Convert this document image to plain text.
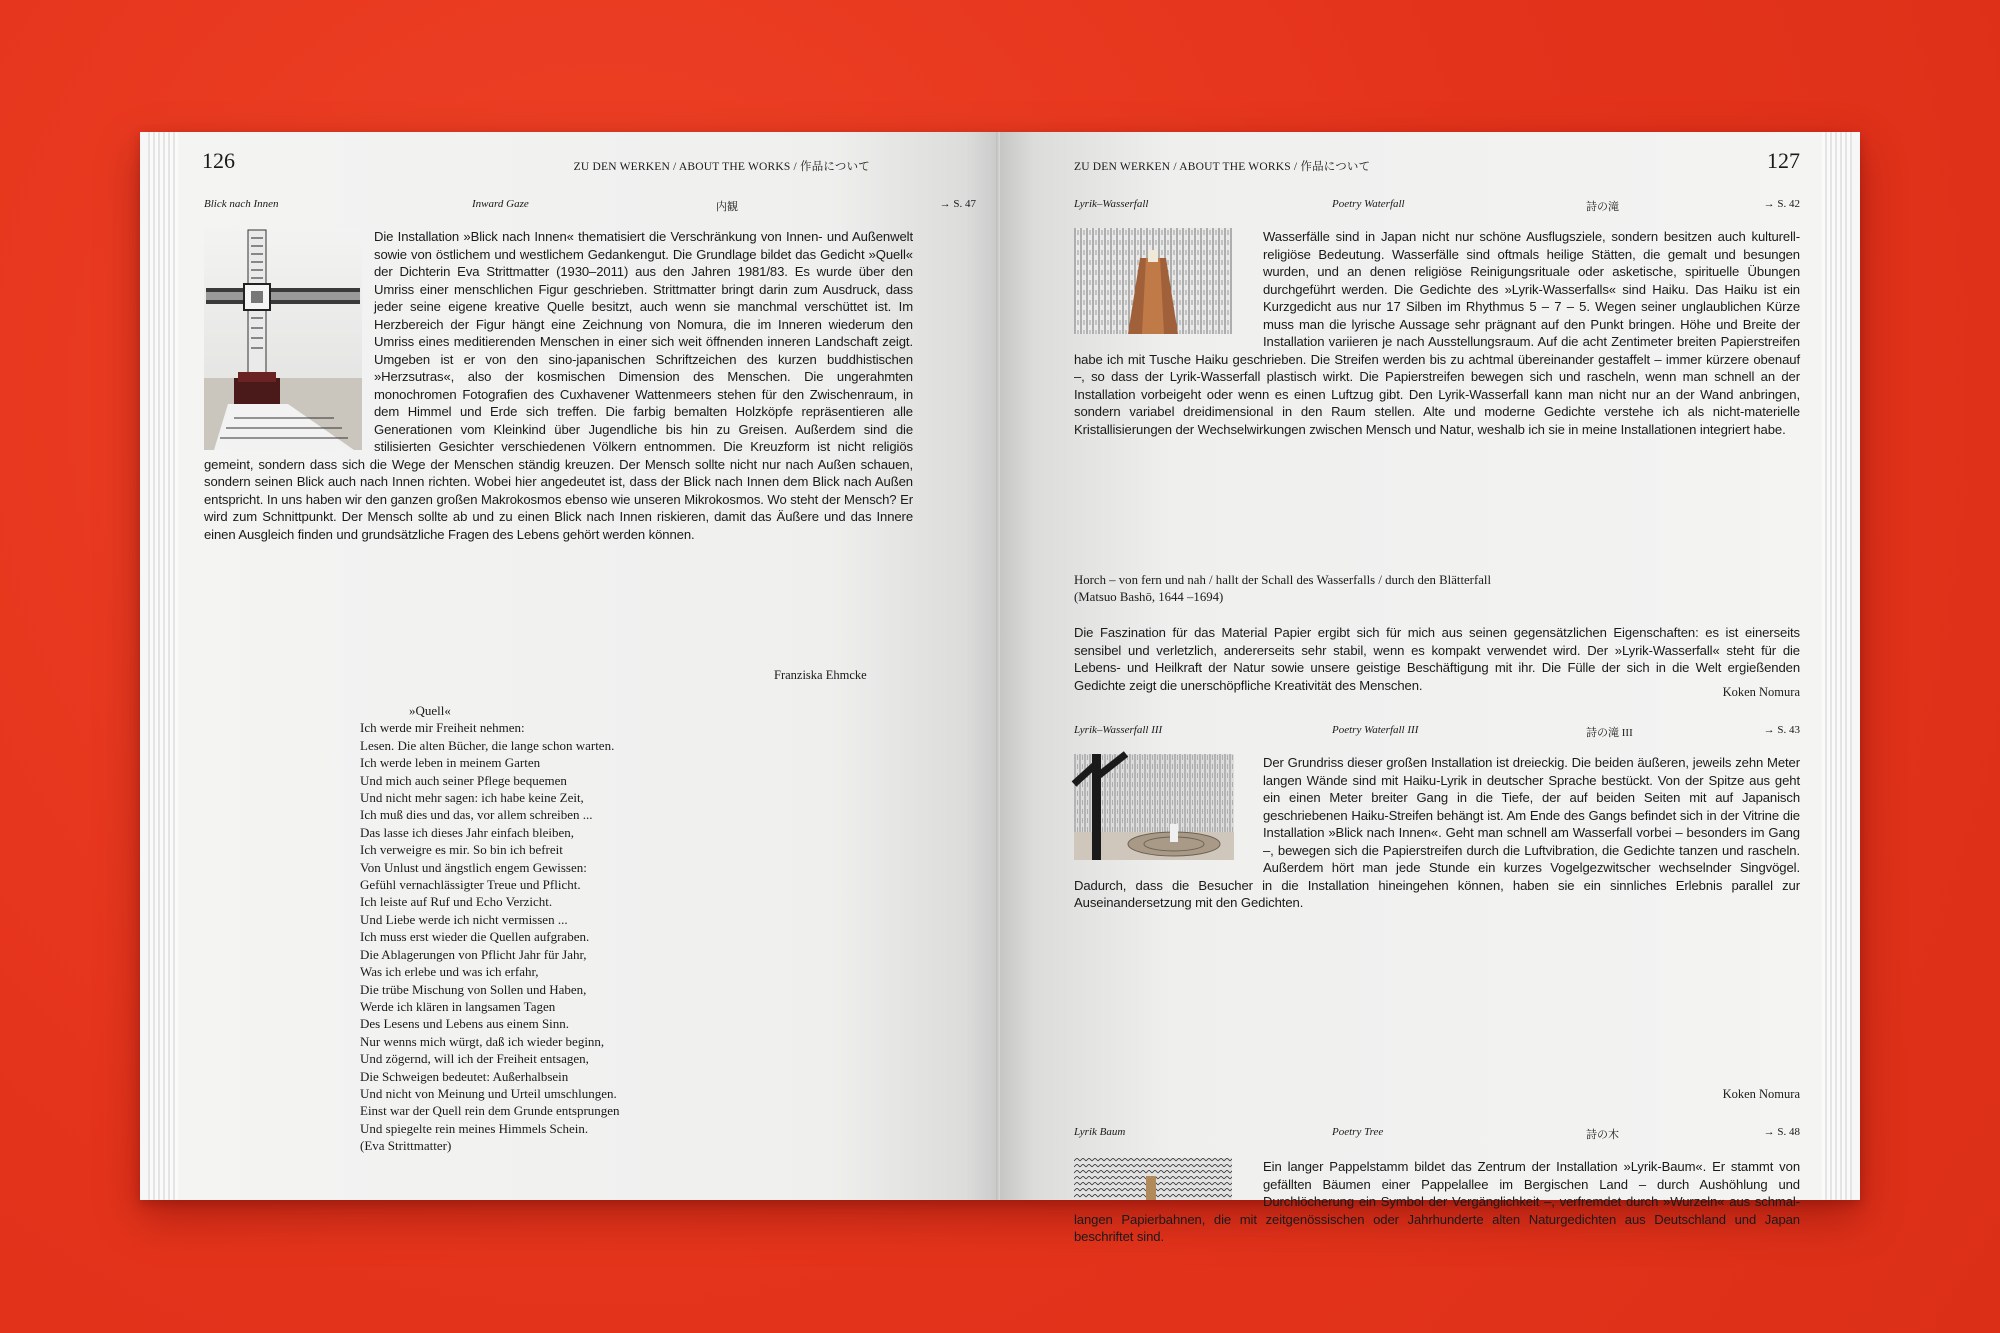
126	ZU DEN WERKEN / ABOUT THE WORKS / 作品について
Blick nach Innen	Inward Gaze	内観	→ S. 47

Die Installation »Blick nach Innen« thematisiert die Verschränkung von Innen- und Außenwelt sowie von östlichem und westlichem Gedankengut. Die Grundlage bildet das Gedicht »Quell« der Dichterin Eva Strittmatter (1930–2011) aus den Jahren 1981/83. Es wurde über den Umriss einer menschlichen Figur geschrieben. Strittmatter bringt darin zum Ausdruck, dass jeder seine eigene kreative Quelle besitzt, auch wenn sie manchmal verschüttet ist. Im Herzbereich der Figur hängt eine Zeichnung von Nomura, die im Inneren wiederum den Umriss eines meditierenden Menschen in einer sich weit öffnenden inneren Landschaft zeigt. Umgeben ist er von den sino-japanischen Schriftzeichen des kurzen buddhistischen »Herzsutras«, also der kosmischen Dimension des Menschen. Die ungerahmten monochromen Fotografien des Cuxhavener Wattenmeers stehen für den Zwischenraum, in dem Himmel und Erde sich treffen. Die farbig bemalten Holzköpfe repräsentieren alle Generationen vom Kleinkind über Jugendliche bis hin zu Greisen. Außerdem sind die stilisierten Gesichter verschiedenen Völkern entnommen. Die Kreuzform ist nicht religiös gemeint, sondern dass sich die Wege der Menschen ständig kreuzen. Der Mensch sollte nicht nur nach Außen schauen, sondern seinen Blick auch nach Innen richten. Wobei hier angedeutet ist, dass der Blick nach Innen dem Blick nach Außen entspricht. In uns haben wir den ganzen großen Makrokosmos ebenso wie unseren Mikrokosmos. Wo steht der Mensch? Er wird zum Schnittpunkt. Der Mensch sollte ab und zu einen Blick nach Innen riskieren, damit das Äußere und das Innere einen Ausgleich finden und grundsätzliche Fragen des Lebens gehört werden können.

Franziska Ehmcke
»Quell«
Ich werde mir Freiheit nehmen:
Lesen. Die alten Bücher, die lange schon warten.
Ich werde leben in meinem Garten
Und mich auch seiner Pflege bequemen
Und nicht mehr sagen: ich habe keine Zeit,
Ich muß dies und das, vor allem schreiben ...
Das lasse ich dieses Jahr einfach bleiben,
Ich verweigre es mir. So bin ich befreit
Von Unlust und ängstlich engem Gewissen:
Gefühl vernachlässigter Treue und Pflicht.
Ich leiste auf Ruf und Echo Verzicht.
Und Liebe werde ich nicht vermissen ...
Ich muss erst wieder die Quellen aufgraben.
Die Ablagerungen von Pflicht Jahr für Jahr,
Was ich erlebe und was ich erfahr,
Die trübe Mischung von Sollen und Haben,
Werde ich klären in langsamen Tagen
Des Lesens und Lebens aus einem Sinn.
Nur wenns mich würgt, daß ich wieder beginn,
Und zögernd, will ich der Freiheit entsagen,
Die Schweigen bedeutet: Außerhalbsein
Und nicht von Meinung und Urteil umschlungen.
Einst war der Quell rein dem Grunde entsprungen
Und spiegelte rein meines Himmels Schein.
(Eva Strittmatter)
ZU DEN WERKEN / ABOUT THE WORKS / 作品について	127
Lyrik–Wasserfall	Poetry Waterfall	詩の滝	→ S. 42

Wasserfälle sind in Japan nicht nur schöne Ausflugsziele, sondern besitzen auch kulturell-religiöse Bedeutung. Wasserfälle sind oftmals heilige Stätten, die gemalt und besungen wurden, und an denen religiöse Reinigungsrituale oder asketische, spirituelle Übungen durchgeführt werden. Die Gedichte des »Lyrik-Wasserfalls« sind Haiku. Das Haiku ist ein Kurzgedicht aus nur 17 Silben im Rhythmus 5 – 7 – 5. Wegen seiner unglaublichen Kürze muss man die lyrische Aussage sehr prägnant auf den Punkt bringen. Höhe und Breite der Installation variieren je nach Ausstellungsraum. Auf die acht Zentimeter breiten Papierstreifen habe ich mit Tusche Haiku geschrieben. Die Streifen werden bis zu achtmal übereinander gestaffelt – immer kürzere obenauf –, so dass der Lyrik-Wasserfall plastisch wirkt. Die Papierstreifen bewegen sich und rascheln, wenn man schnell an der Installation vorbeigeht oder wenn es einen Luftzug gibt. Den Lyrik-Wasserfall kann man nicht nur an der Wand anbringen, sondern variabel dreidimensional in den Raum stellen. Alte und moderne Gedichte verstehe ich als nicht-materielle Kristallisierungen der Wechselwirkungen zwischen Mensch und Natur, weshalb ich sie in meine Installationen integriert habe.

Horch – von fern und nah / hallt der Schall des Wasserfalls / durch den Blätterfall
(Matsuo Bashō, 1644 –1694)

Die Faszination für das Material Papier ergibt sich für mich aus seinen gegensätzlichen Eigenschaften: es ist einerseits sensibel und verletzlich, andererseits sehr stabil, wenn es kompakt verwendet wird. Der »Lyrik-Wasserfall« steht für die Lebens- und Heilkraft der Natur sowie unsere geistige Beschäftigung mit ihr. Die Fülle der sich in die Welt ergießenden Gedichte zeigt die unerschöpfliche Kreativität des Menschen.	Koken Nomura
Lyrik–Wasserfall III	Poetry Waterfall III	詩の滝 III	→ S. 43

Der Grundriss dieser großen Installation ist dreieckig. Die beiden äußeren, jeweils zehn Meter langen Wände sind mit Haiku-Lyrik in deutscher Sprache bestückt. Von der Spitze aus geht ein einen Meter breiter Gang in die Tiefe, der auf beiden Seiten mit auf Japanisch geschriebenen Haiku-Streifen behängt ist. Am Ende des Gangs befindet sich in der Vitrine die Installation »Blick nach Innen«. Geht man schnell am Wasserfall vorbei – besonders im Gang –, bewegen sich die Papierstreifen durch die Luftvibration, die Gedichte tanzen und rascheln. Außerdem hört man jede Stunde ein kurzes Vogelgezwitscher wechselnder Singvögel. Dadurch, dass die Besucher in die Installation hineingehen können, haben sie ein sinnliches Erlebnis parallel zur Auseinandersetzung mit den Gedichten.

Koken Nomura
Lyrik Baum	Poetry Tree	詩の木	→ S. 48

Ein langer Pappelstamm bildet das Zentrum der Installation »Lyrik-Baum«. Er stammt von gefällten Bäumen einer Pappelallee im Bergischen Land – durch Aushöhlung und Durchlöcherung ein Symbol der Vergänglichkeit –, verfremdet durch »Wurzeln« aus schmal-langen Papierbahnen, die mit zeitgenössischen oder Jahrhunderte alten Naturgedichten aus Deutschland und Japan beschriftet sind.
